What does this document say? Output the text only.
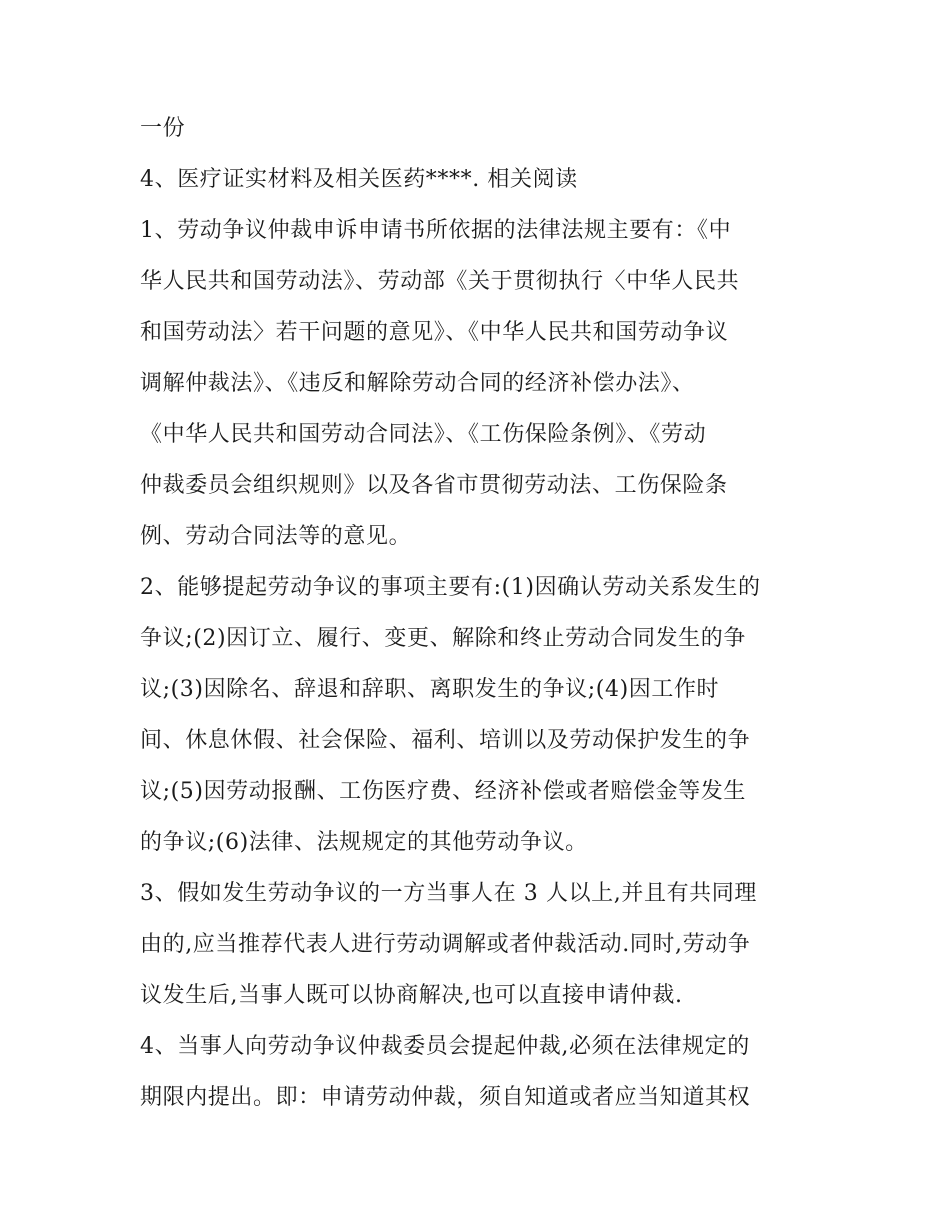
一份
4、医疗证实材料及相关医药****. 相关阅读
1、劳动争议仲裁申诉申请书所依据的法律法规主要有：《中
华人民共和国劳动法》、劳动部《关于贯彻执行〈中华人民共
和国劳动法〉若干问题的意见》、《中华人民共和国劳动争议
调解仲裁法》、《违反和解除劳动合同的经济补偿办法》、
《中华人民共和国劳动合同法》、《工伤保险条例》、《劳动
仲裁委员会组织规则》以及各省市贯彻劳动法、工伤保险条
例、劳动合同法等的意见。
2、能够提起劳动争议的事项主要有:(1)因确认劳动关系发生的
争议;(2)因订立、履行、变更、解除和终止劳动合同发生的争
议;(3)因除名、辞退和辞职、离职发生的争议;(4)因工作时
间、休息休假、社会保险、福利、培训以及劳动保护发生的争
议;(5)因劳动报酬、工伤医疗费、经济补偿或者赔偿金等发生
的争议;(6)法律、法规规定的其他劳动争议。
3、假如发生劳动争议的一方当事人在 3 人以上,并且有共同理
由的,应当推荐代表人进行劳动调解或者仲裁活动.同时,劳动争
议发生后,当事人既可以协商解决,也可以直接申请仲裁.
4、当事人向劳动争议仲裁委员会提起仲裁,必须在法律规定的
期限内提出。即：申请劳动仲裁，须自知道或者应当知道其权
